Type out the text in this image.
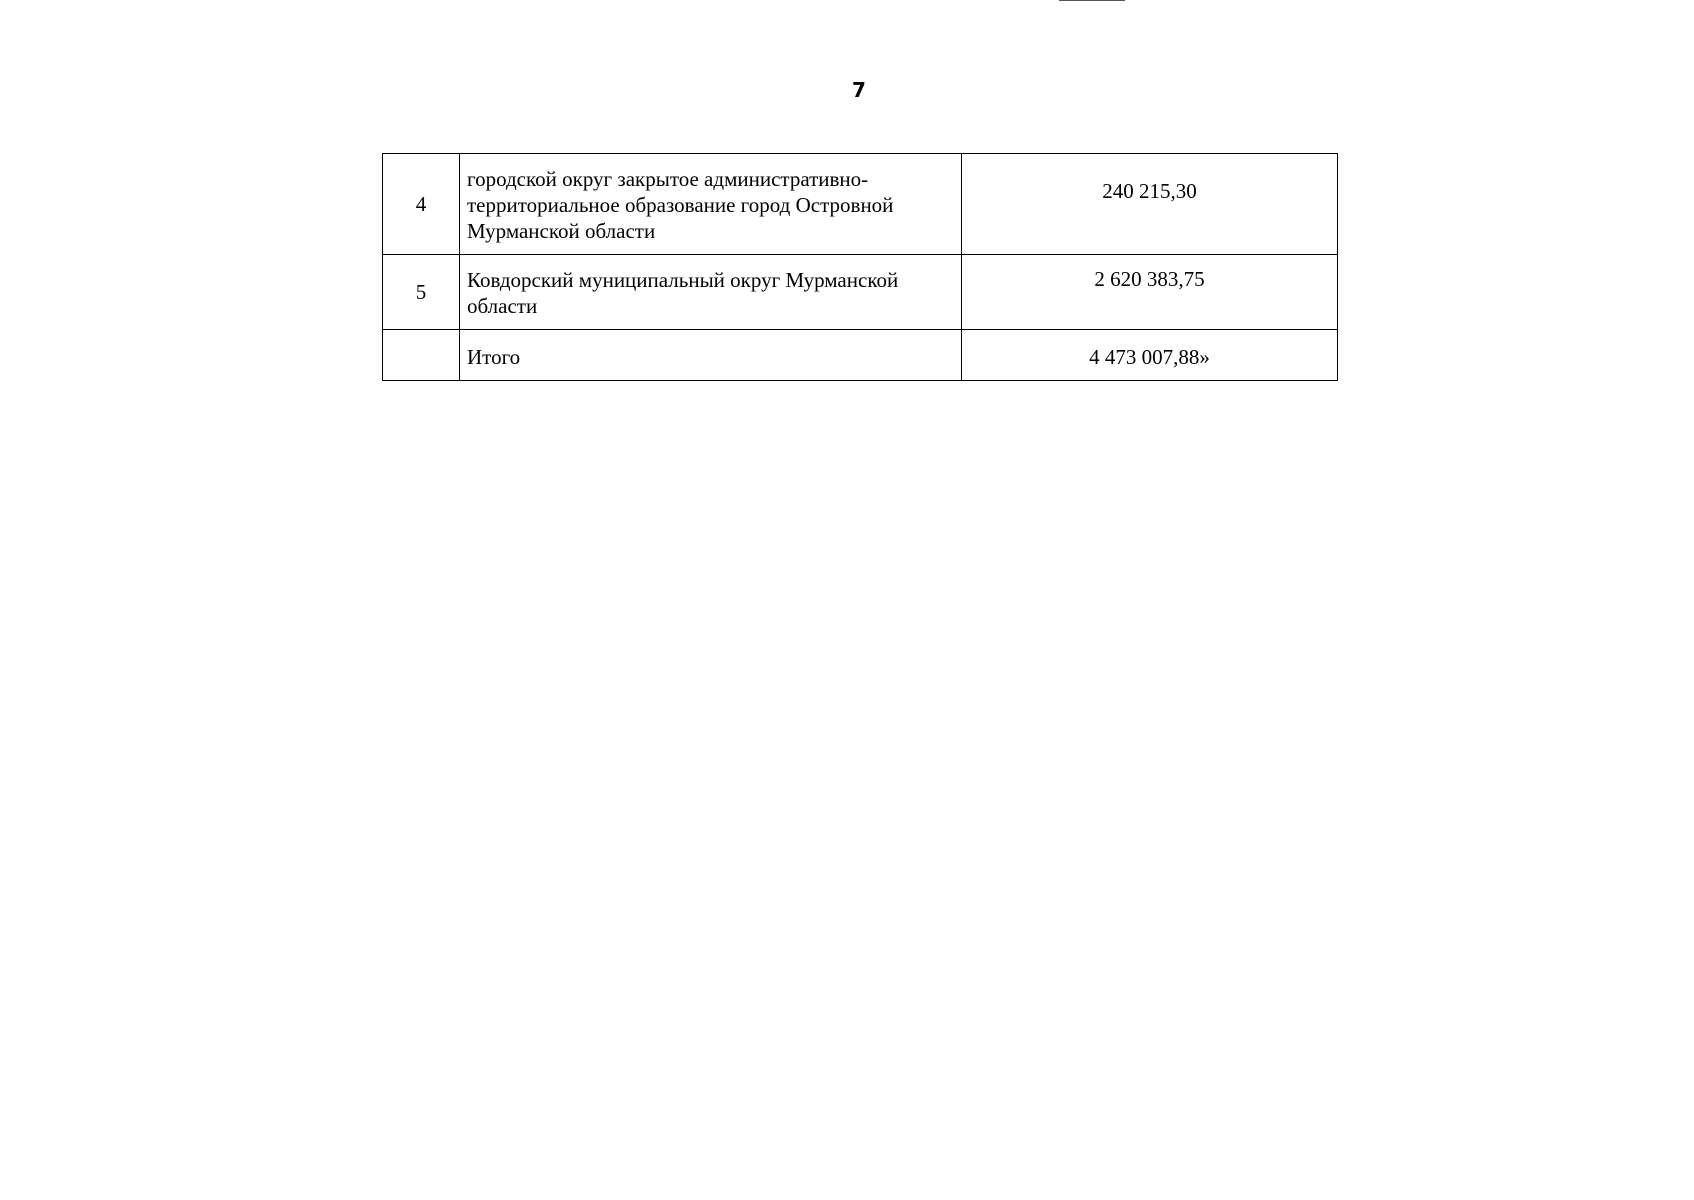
7
4	городской округ закрытое административно-территориальное образование город Островной Мурманской области	240 215,30
5	Ковдорский муниципальный округ Мурманской области	2 620 383,75
	Итого	4 473 007,88»
